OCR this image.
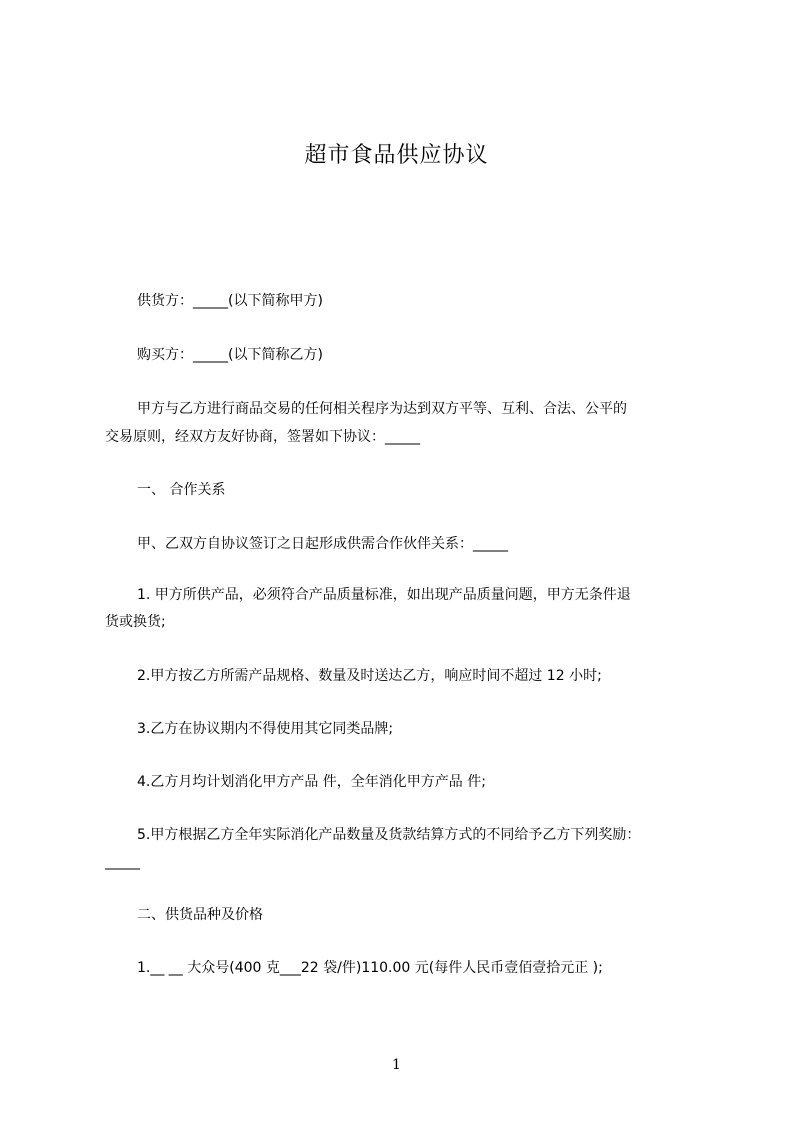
超市食品供应协议
供货方：_____(以下简称甲方)
购买方：_____(以下简称乙方)
甲方与乙方进行商品交易的任何相关程序为达到双方平等、互利、合法、公平的
交易原则，经双方友好协商，签署如下协议：_____
一、 合作关系
甲、乙双方自协议签订之日起形成供需合作伙伴关系：_____
1. 甲方所供产品，必须符合产品质量标准，如出现产品质量问题，甲方无条件退
货或换货;
2.甲方按乙方所需产品规格、数量及时送达乙方，响应时间不超过 12 小时;
3.乙方在协议期内不得使用其它同类品牌;
4.乙方月均计划消化甲方产品 件，全年消化甲方产品 件;
5.甲方根据乙方全年实际消化产品数量及货款结算方式的不同给予乙方下列奖励：
_____
二、供货品种及价格
1.__ __ 大众号(400 克___22 袋/件)110.00 元(每件人民币壹佰壹拾元正 );
1
